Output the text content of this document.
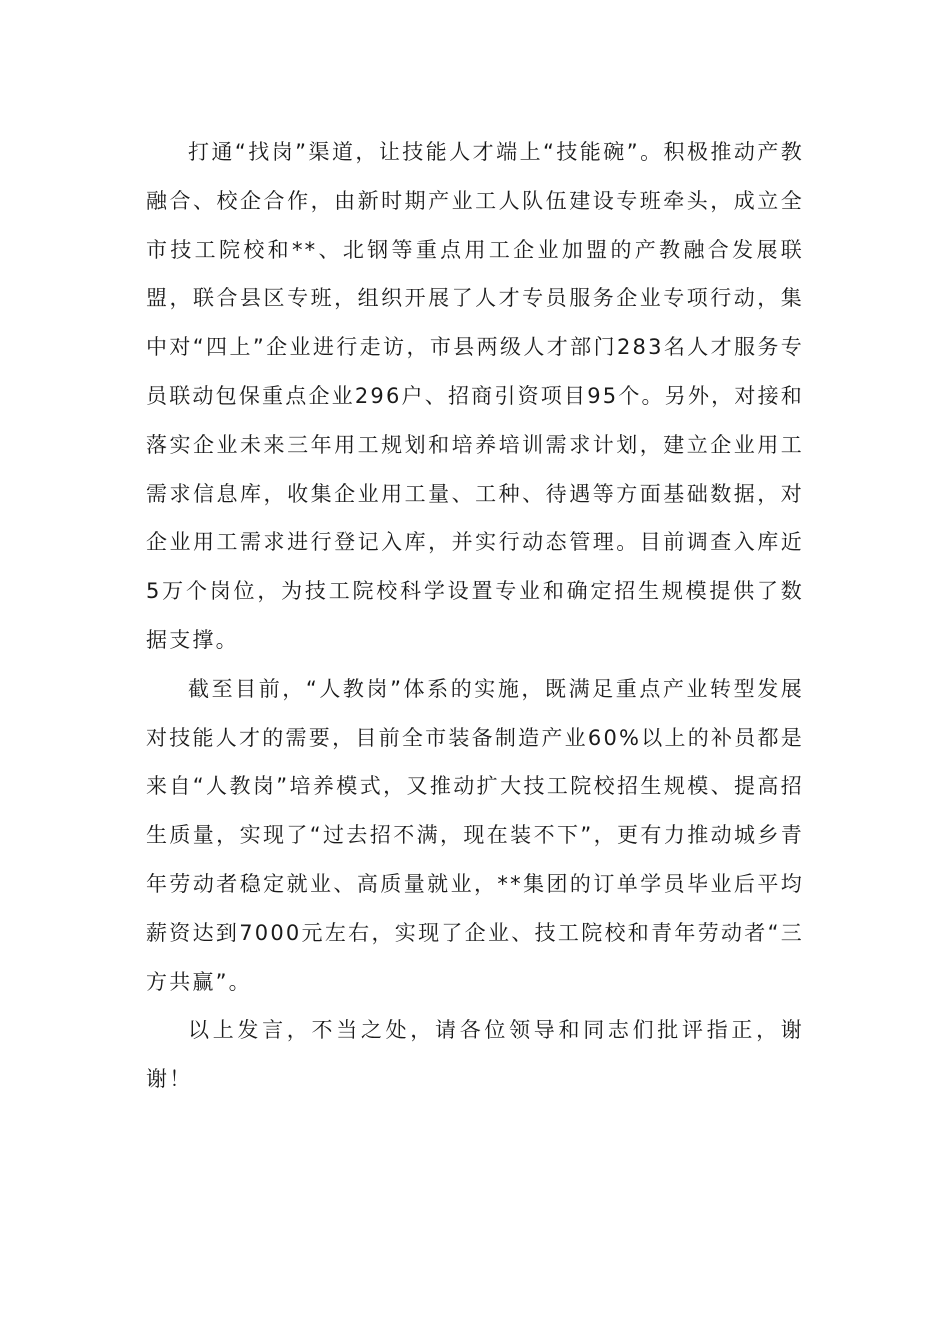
打通“找岗”渠道，让技能人才端上“技能碗”。积极推动产教融合、校企合作，由新时期产业工人队伍建设专班牵头，成立全市技工院校和**、北钢等重点用工企业加盟的产教融合发展联盟，联合县区专班，组织开展了人才专员服务企业专项行动，集中对“四上”企业进行走访，市县两级人才部门283名人才服务专员联动包保重点企业296户、招商引资项目95个。另外，对接和落实企业未来三年用工规划和培养培训需求计划，建立企业用工需求信息库，收集企业用工量、工种、待遇等方面基础数据，对企业用工需求进行登记入库，并实行动态管理。目前调查入库近5万个岗位，为技工院校科学设置专业和确定招生规模提供了数据支撑。

截至目前，“人教岗”体系的实施，既满足重点产业转型发展对技能人才的需要，目前全市装备制造产业60%以上的补员都是来自“人教岗”培养模式，又推动扩大技工院校招生规模、提高招生质量，实现了“过去招不满，现在装不下”，更有力推动城乡青年劳动者稳定就业、高质量就业，**集团的订单学员毕业后平均薪资达到7000元左右，实现了企业、技工院校和青年劳动者“三方共赢”。

以上发言，不当之处，请各位领导和同志们批评指正，谢谢！
